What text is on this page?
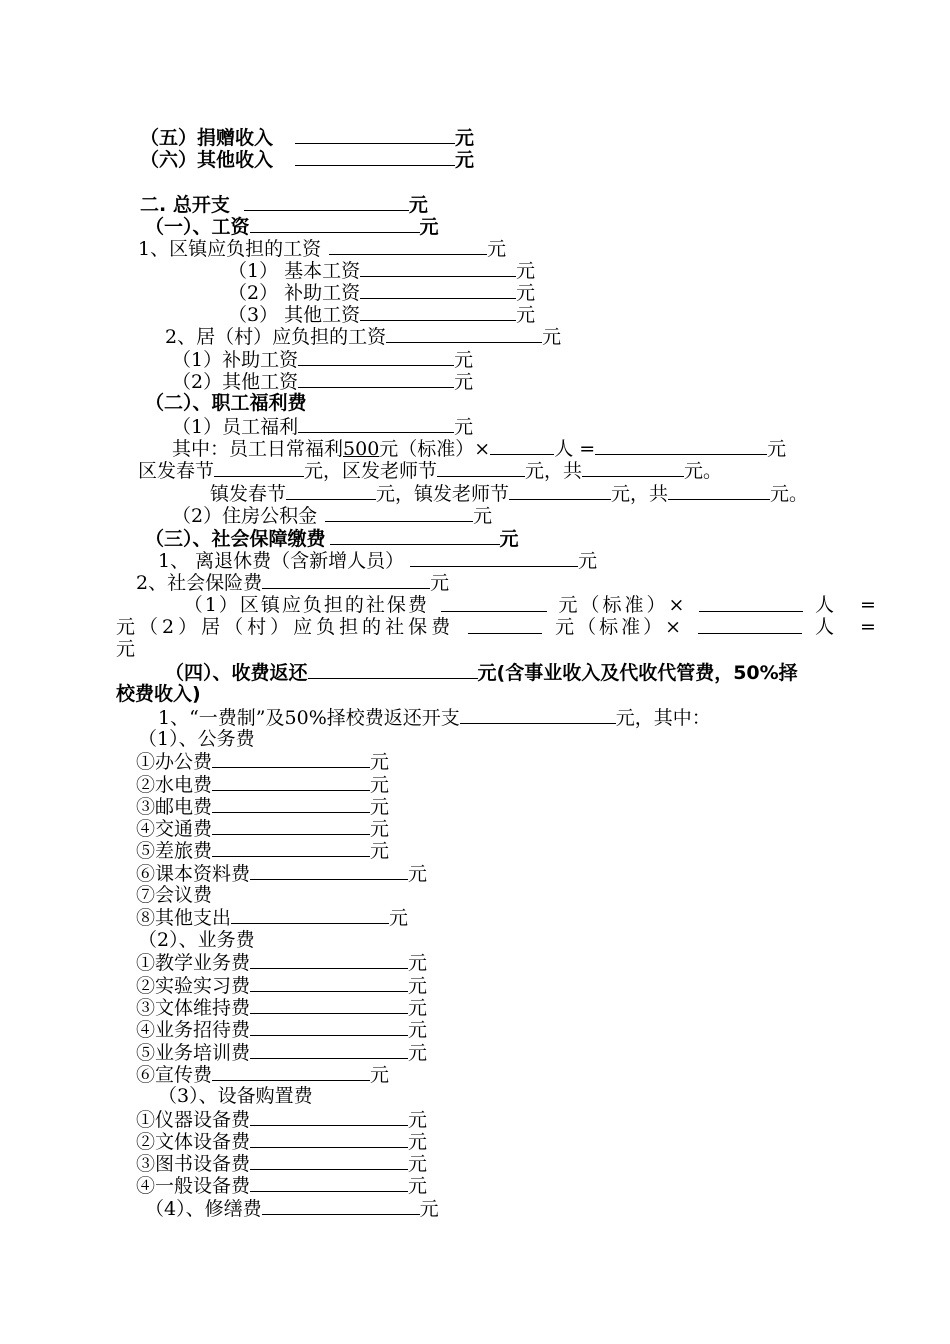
（五）捐赠收入	元
（六）其他收入	元
二. 总开支	元
（一）、工资	元
1、区镇应负担的工资	元
（1） 基本工资	元
（2） 补助工资	元
（3） 其他工资	元
2、居（村）应负担的工资	元
（1）补助工资	元
（2）其他工资	元
（二）、职工福利费
（1）员工福利	元
其中：员工日常福利500元（标准）×	人 =	元
区发春节	元，区发老师节	元，共	元。
镇发春节	元，镇发老师节	元，共	元。
（2）住房公积金	元
（三）、社会保障缴费	元
1、 离退休费（含新增人员）	元
2、社会保险费	元
（1）区镇应负担的社保费	元（标准）×	人 =
元（2）居（村）应负担的社保费	元（标准）×	人 =
元
（四）、收费返还	元(含事业收入及代收代管费，50%择
校费收入)
1、“一费制”及50%择校费返还开支	元，其中：
（1）、公务费
①办公费	元
②水电费	元
③邮电费	元
④交通费	元
⑤差旅费	元
⑥课本资料费	元
⑦会议费
⑧其他支出	元
（2）、业务费
①教学业务费	元
②实验实习费	元
③文体维持费	元
④业务招待费	元
⑤业务培训费	元
⑥宣传费	元
（3）、设备购置费
①仪器设备费	元
②文体设备费	元
③图书设备费	元
④一般设备费	元
（4）、修缮费	元
